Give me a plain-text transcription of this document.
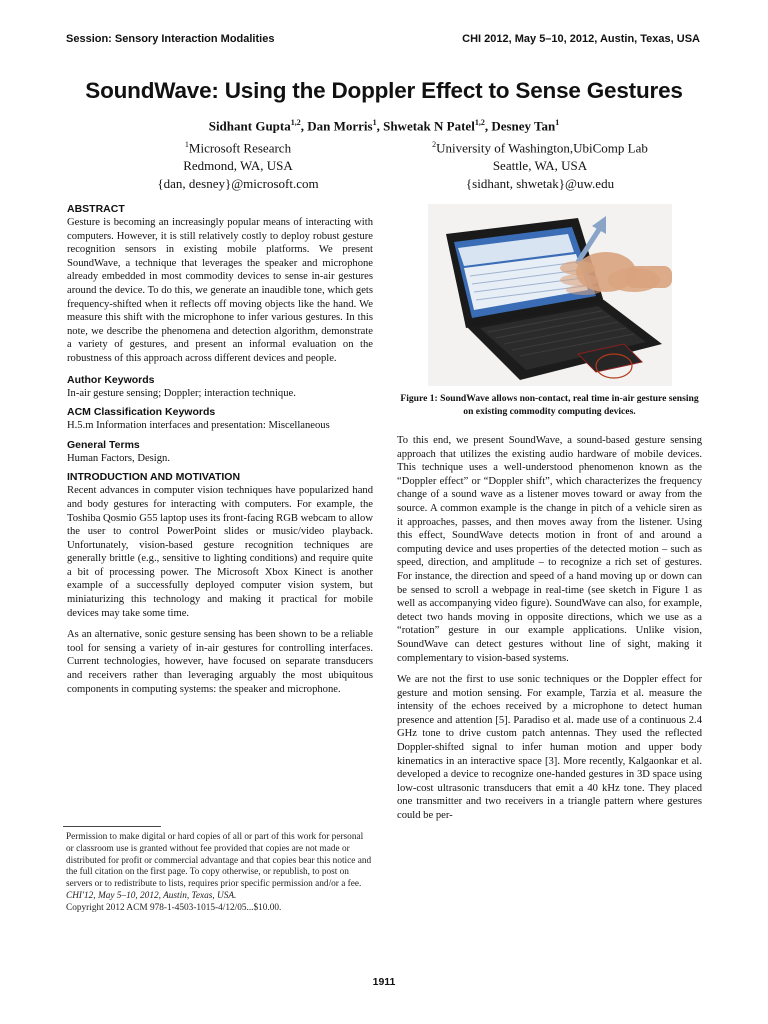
Session: Sensory Interaction Modalities	CHI 2012, May 5–10, 2012, Austin, Texas, USA
SoundWave: Using the Doppler Effect to Sense Gestures
Sidhant Gupta$^{1,2}$, Dan Morris$^1$, Shwetak N Patel$^{1,2}$, Desney Tan$^1$
$^1$Microsoft Research
Redmond, WA, USA
{dan, desney}@microsoft.com
$^2$University of Washington,UbiComp Lab
Seattle, WA, USA
{sidhant, shwetak}@uw.edu
ABSTRACT
Gesture is becoming an increasingly popular means of interacting with computers. However, it is still relatively costly to deploy robust gesture recognition sensors in existing mobile platforms. We present SoundWave, a technique that leverages the speaker and microphone already embedded in most commodity devices to sense in-air gestures around the device. To do this, we generate an inaudible tone, which gets frequency-shifted when it reflects off moving objects like the hand. We measure this shift with the microphone to infer various gestures. In this note, we describe the phenomena and detection algorithm, demonstrate a variety of gestures, and present an informal evaluation on the robustness of this approach across different devices and people.
Author Keywords
In-air gesture sensing; Doppler; interaction technique.
ACM Classification Keywords
H.5.m Information interfaces and presentation: Miscellaneous
General Terms
Human Factors, Design.
INTRODUCTION AND MOTIVATION
Recent advances in computer vision techniques have popularized hand and body gestures for interacting with computers. For example, the Toshiba Qosmio G55 laptop uses its front-facing RGB webcam to allow the user to control PowerPoint slides or music/video playback. Unfortunately, vision-based gesture recognition techniques are generally brittle (e.g., sensitive to lighting conditions) and require quite a bit of processing power. The Microsoft Xbox Kinect is another example of a successfully deployed computer vision system, but miniaturizing this technology and making it practical for mobile devices may take some time.
As an alternative, sonic gesture sensing has been shown to be a reliable tool for sensing a variety of in-air gestures for controlling interfaces. Current technologies, however, have focused on separate transducers and receivers rather than leveraging arguably the most ubiquitous components in computing systems: the speaker and microphone.
Figure 1: SoundWave allows non-contact, real time in-air gesture sensing on existing commodity computing devices.
To this end, we present SoundWave, a sound-based gesture sensing approach that utilizes the existing audio hardware of mobile devices. This technique uses a well-understood phenomenon known as the “Doppler effect” or “Doppler shift”, which characterizes the frequency change of a sound wave as a listener moves toward or away from the source. A common example is the change in pitch of a vehicle siren as it approaches, passes, and then moves away from the listener. Using this effect, SoundWave detects motion in front of and around a computing device and uses properties of the detected motion – such as speed, direction, and amplitude – to recognize a rich set of gestures. For instance, the direction and speed of a hand moving up or down can be sensed to scroll a webpage in real-time (see sketch in Figure 1 as well as accompanying video figure). SoundWave can also, for example, detect two hands moving in opposite directions, which we use as a “rotation” gesture in our example applications. Unlike vision, SoundWave can detect gestures without line of sight, making it complementary to vision-based systems.
We are not the first to use sonic techniques or the Doppler effect for gesture and motion sensing. For example, Tarzia et al. measure the intensity of the echoes received by a microphone to detect human presence and attention [5]. Paradiso et al. made use of a continuous 2.4 GHz tone to drive custom patch antennas. They used the reflected Doppler-shifted signal to infer human motion and upper body kinematics in an interactive space [3]. More recently, Kalgaonkar et al. developed a device to recognize one-handed gestures in 3D space using low-cost ultrasonic transducers that emit a 40 kHz tone. They placed one transmitter and two receivers in a triangle pattern where gestures could be per-
Permission to make digital or hard copies of all or part of this work for personal or classroom use is granted without fee provided that copies are not made or distributed for profit or commercial advantage and that copies bear this notice and the full citation on the first page. To copy otherwise, or republish, to post on servers or to redistribute to lists, requires prior specific permission and/or a fee.
CHI'12, May 5–10, 2012, Austin, Texas, USA.
Copyright 2012 ACM 978-1-4503-1015-4/12/05...$10.00.
1911
